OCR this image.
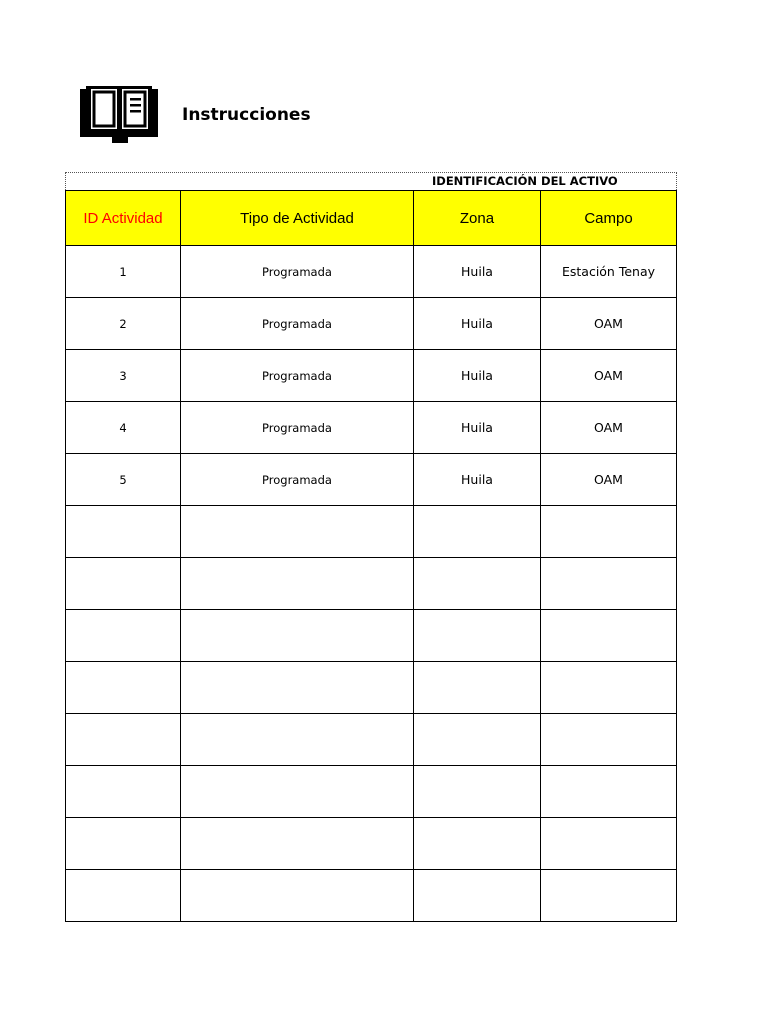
Instrucciones
IDENTIFICACIÓN DEL ACTIVO
ID Actividad	Tipo de Actividad	Zona	Campo
1	Programada	Huila	Estación Tenay
2	Programada	Huila	OAM
3	Programada	Huila	OAM
4	Programada	Huila	OAM
5	Programada	Huila	OAM
